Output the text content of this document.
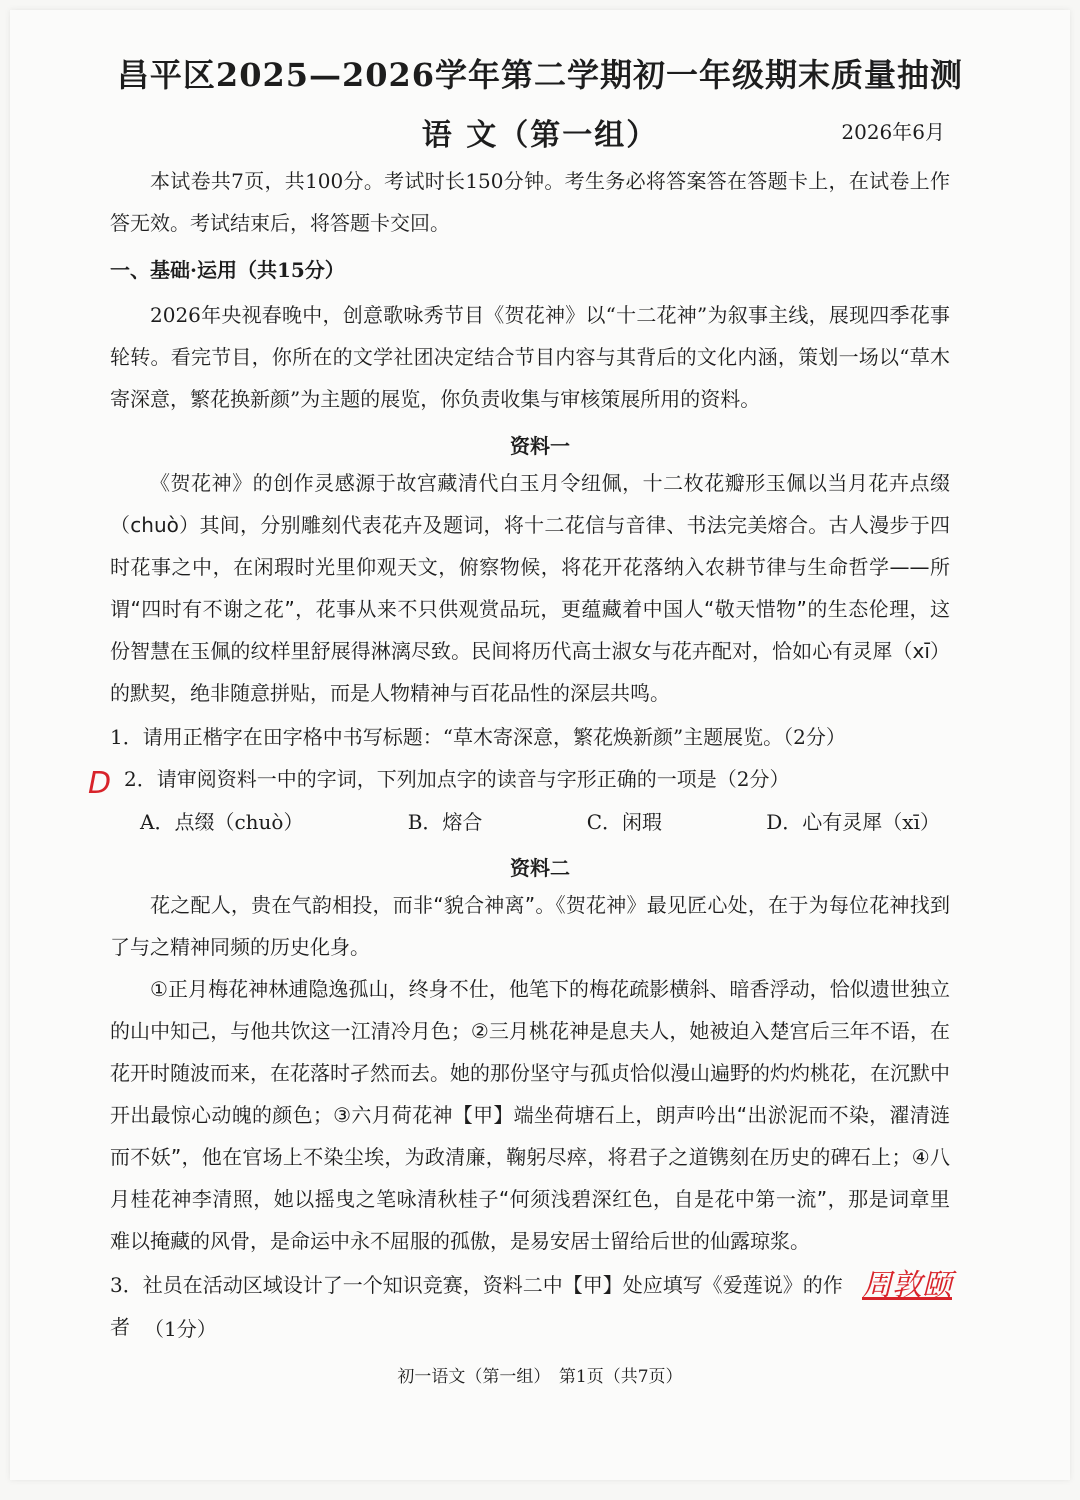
昌平区2025—2026学年第二学期初一年级期末质量抽测
语 文（第一组）	2026年6月
本试卷共7页，共100分。考试时长150分钟。考生务必将答案答在答题卡上，在试卷上作答无效。考试结束后，将答题卡交回。
一、基础·运用（共15分）
2026年央视春晚中，创意歌咏秀节目《贺花神》以“十二花神”为叙事主线，展现四季花事轮转。看完节目，你所在的文学社团决定结合节目内容与其背后的文化内涵，策划一场以“草木寄深意，繁花换新颜”为主题的展览，你负责收集与审核策展所用的资料。
资料一
《贺花神》的创作灵感源于故宫藏清代白玉月令纽佩，十二枚花瓣形玉佩以当月花卉点缀（chuò）其间，分别雕刻代表花卉及题词，将十二花信与音律、书法完美熔合。古人漫步于四时花事之中，在闲瑕时光里仰观天文，俯察物候，将花开花落纳入农耕节律与生命哲学——所谓“四时有不谢之花”，花事从来不只供观赏品玩，更蕴藏着中国人“敬天惜物”的生态伦理，这份智慧在玉佩的纹样里舒展得淋漓尽致。民间将历代高士淑女与花卉配对，恰如心有灵犀（xī）的默契，绝非随意拼贴，而是人物精神与百花品性的深层共鸣。
1．请用正楷字在田字格中书写标题：“草木寄深意，繁花焕新颜”主题展览。（2分）
D 2．请审阅资料一中的字词，下列加点字的读音与字形正确的一项是（2分）
A．点缀（chuò）	B．熔合	C．闲瑕	D．心有灵犀（xī）
资料二
花之配人，贵在气韵相投，而非“貌合神离”。《贺花神》最见匠心处，在于为每位花神找到了与之精神同频的历史化身。
①正月梅花神林逋隐逸孤山，终身不仕，他笔下的梅花疏影横斜、暗香浮动，恰似遗世独立的山中知己，与他共饮这一江清冷月色；②三月桃花神是息夫人，她被迫入楚宫后三年不语，在花开时随波而来，在花落时孑然而去。她的那份坚守与孤贞恰似漫山遍野的灼灼桃花，在沉默中开出最惊心动魄的颜色；③六月荷花神【甲】端坐荷塘石上，朗声吟出“出淤泥而不染，濯清涟而不妖”，他在官场上不染尘埃，为政清廉，鞠躬尽瘁，将君子之道镌刻在历史的碑石上；④八月桂花神李清照，她以摇曳之笔咏清秋桂子“何须浅碧深红色，自是花中第一流”，那是词章里难以掩藏的风骨，是命运中永不屈服的孤傲，是易安居士留给后世的仙露琼浆。
3．社员在活动区域设计了一个知识竞赛，资料二中【甲】处应填写《爱莲说》的作者
周敦颐
（1分）
初一语文（第一组）　第1页（共7页）
